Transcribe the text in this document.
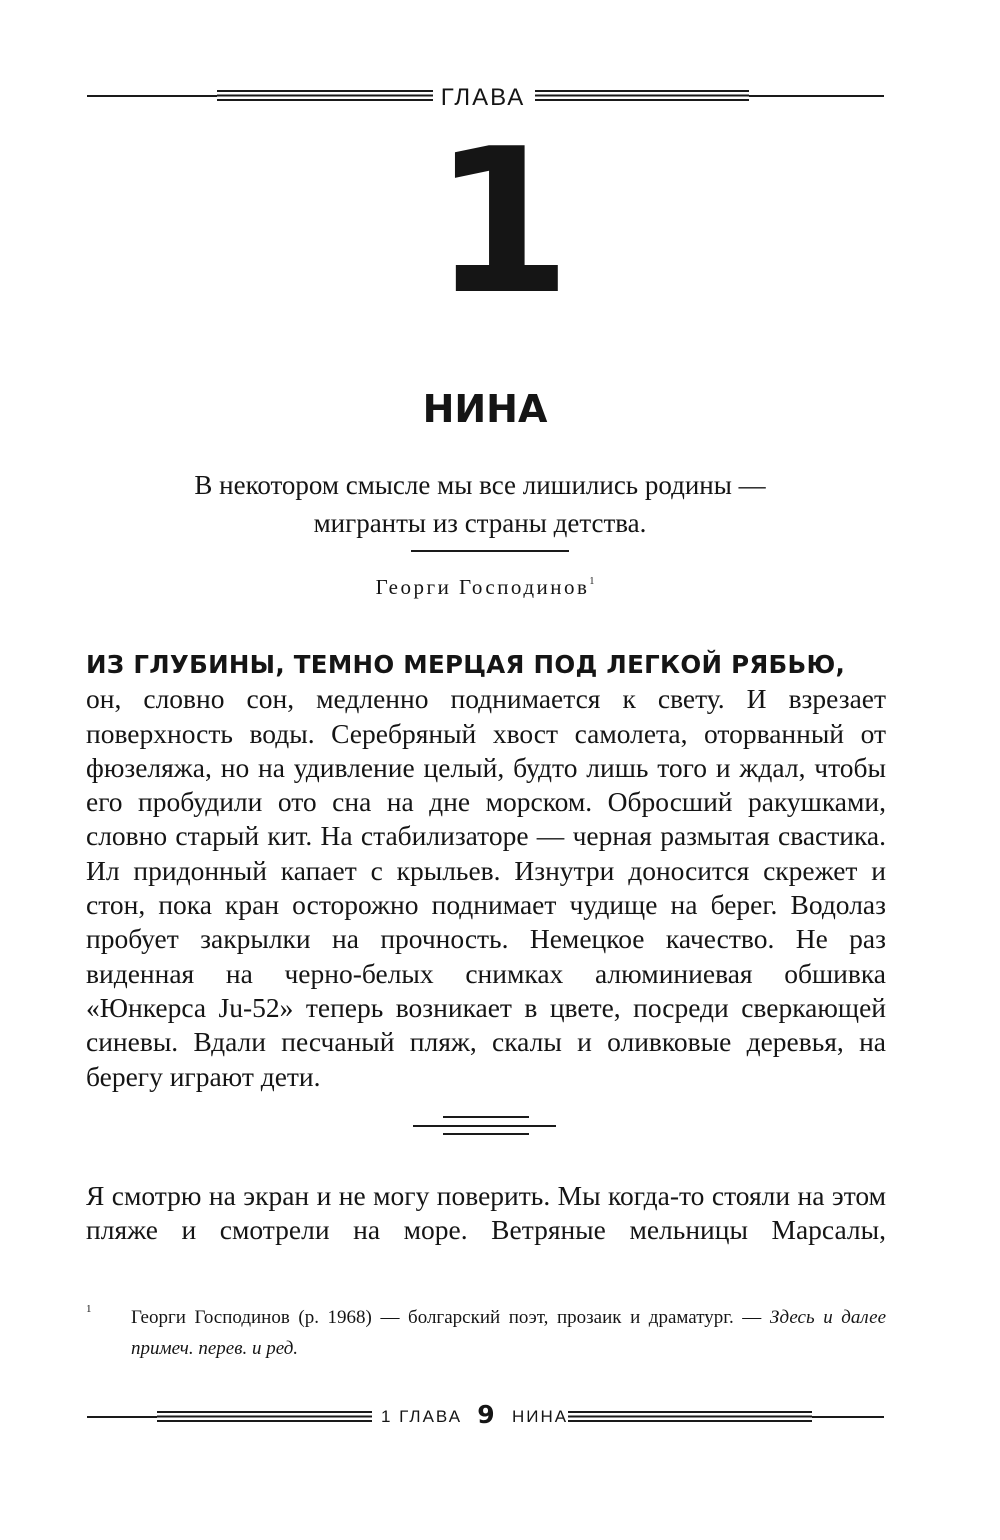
ГЛАВА
1
НИНА

В некотором смысле мы все лишились родины —

мигранты из страны детства.

Георги Господинов$^1$

ИЗ ГЛУБИНЫ, ТЕМНО МЕРЦАЯ ПОД ЛЕГКОЙ РЯБЬЮ,

он, словно сон, медленно поднимается к свету. И взрезает поверхность воды. Серебряный хвост самолета, оторванный от фюзеляжа, но на удивление целый, будто лишь того и ждал, чтобы его пробудили ото сна на дне морском. Обросший ракушками, словно старый кит. На стабилизаторе — черная размытая свастика. Ил придонный капает с крыльев. Изнутри доносится скрежет и стон, пока кран осторожно поднимает чудище на берег. Водолаз пробует закрылки на прочность. Немецкое качество. Не раз виденная на черно-белых снимках алюминиевая обшивка «Юнкерса Ju-52» теперь возникает в цвете, посреди сверкающей синевы. Вдали песчаный пляж, скалы и оливковые деревья, на берегу играют дети.

Я смотрю на экран и не могу поверить. Мы когда-то стояли на этом пляже и смотрели на море. Ветряные мельницы Марсалы,

1 Георги Господинов (р. 1968) — болгарский поэт, прозаик и драматург. — Здесь и далее примеч. перев. и ред.
1 ГЛАВА 9	НИНА
